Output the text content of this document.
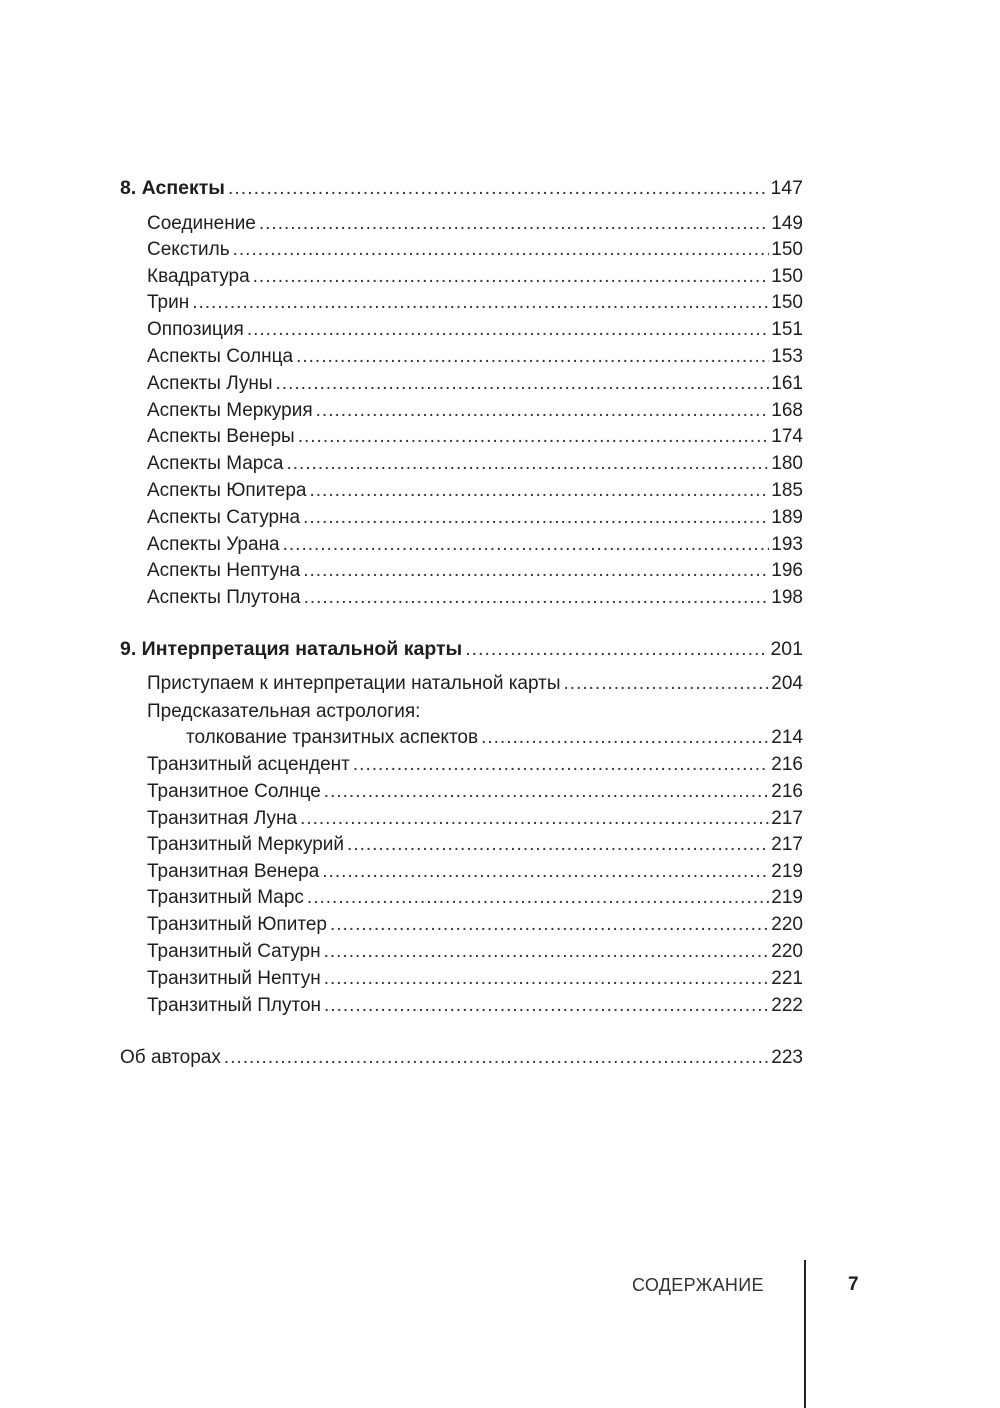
8. Аспекты .....	147
Соединение .....	149
Секстиль .....	150
Квадратура .....	150
Трин .....	150
Оппозиция .....	151
Аспекты Солнца .....	153
Аспекты Луны .....	161
Аспекты Меркурия .....	168
Аспекты Венеры .....	174
Аспекты Марса .....	180
Аспекты Юпитера .....	185
Аспекты Сатурна .....	189
Аспекты Урана .....	193
Аспекты Нептуна .....	196
Аспекты Плутона .....	198
9. Интерпретация натальной карты .....	201
Приступаем к интерпретации натальной карты .....	204
Предсказательная астрология:
толкование транзитных аспектов .....	214
Транзитный асцендент .....	216
Транзитное Солнце .....	216
Транзитная Луна .....	217
Транзитный Меркурий .....	217
Транзитная Венера .....	219
Транзитный Марс .....	219
Транзитный Юпитер .....	220
Транзитный Сатурн .....	220
Транзитный Нептун .....	221
Транзитный Плутон .....	222
Об авторах .....	223
СОДЕРЖАНИЕ	7
